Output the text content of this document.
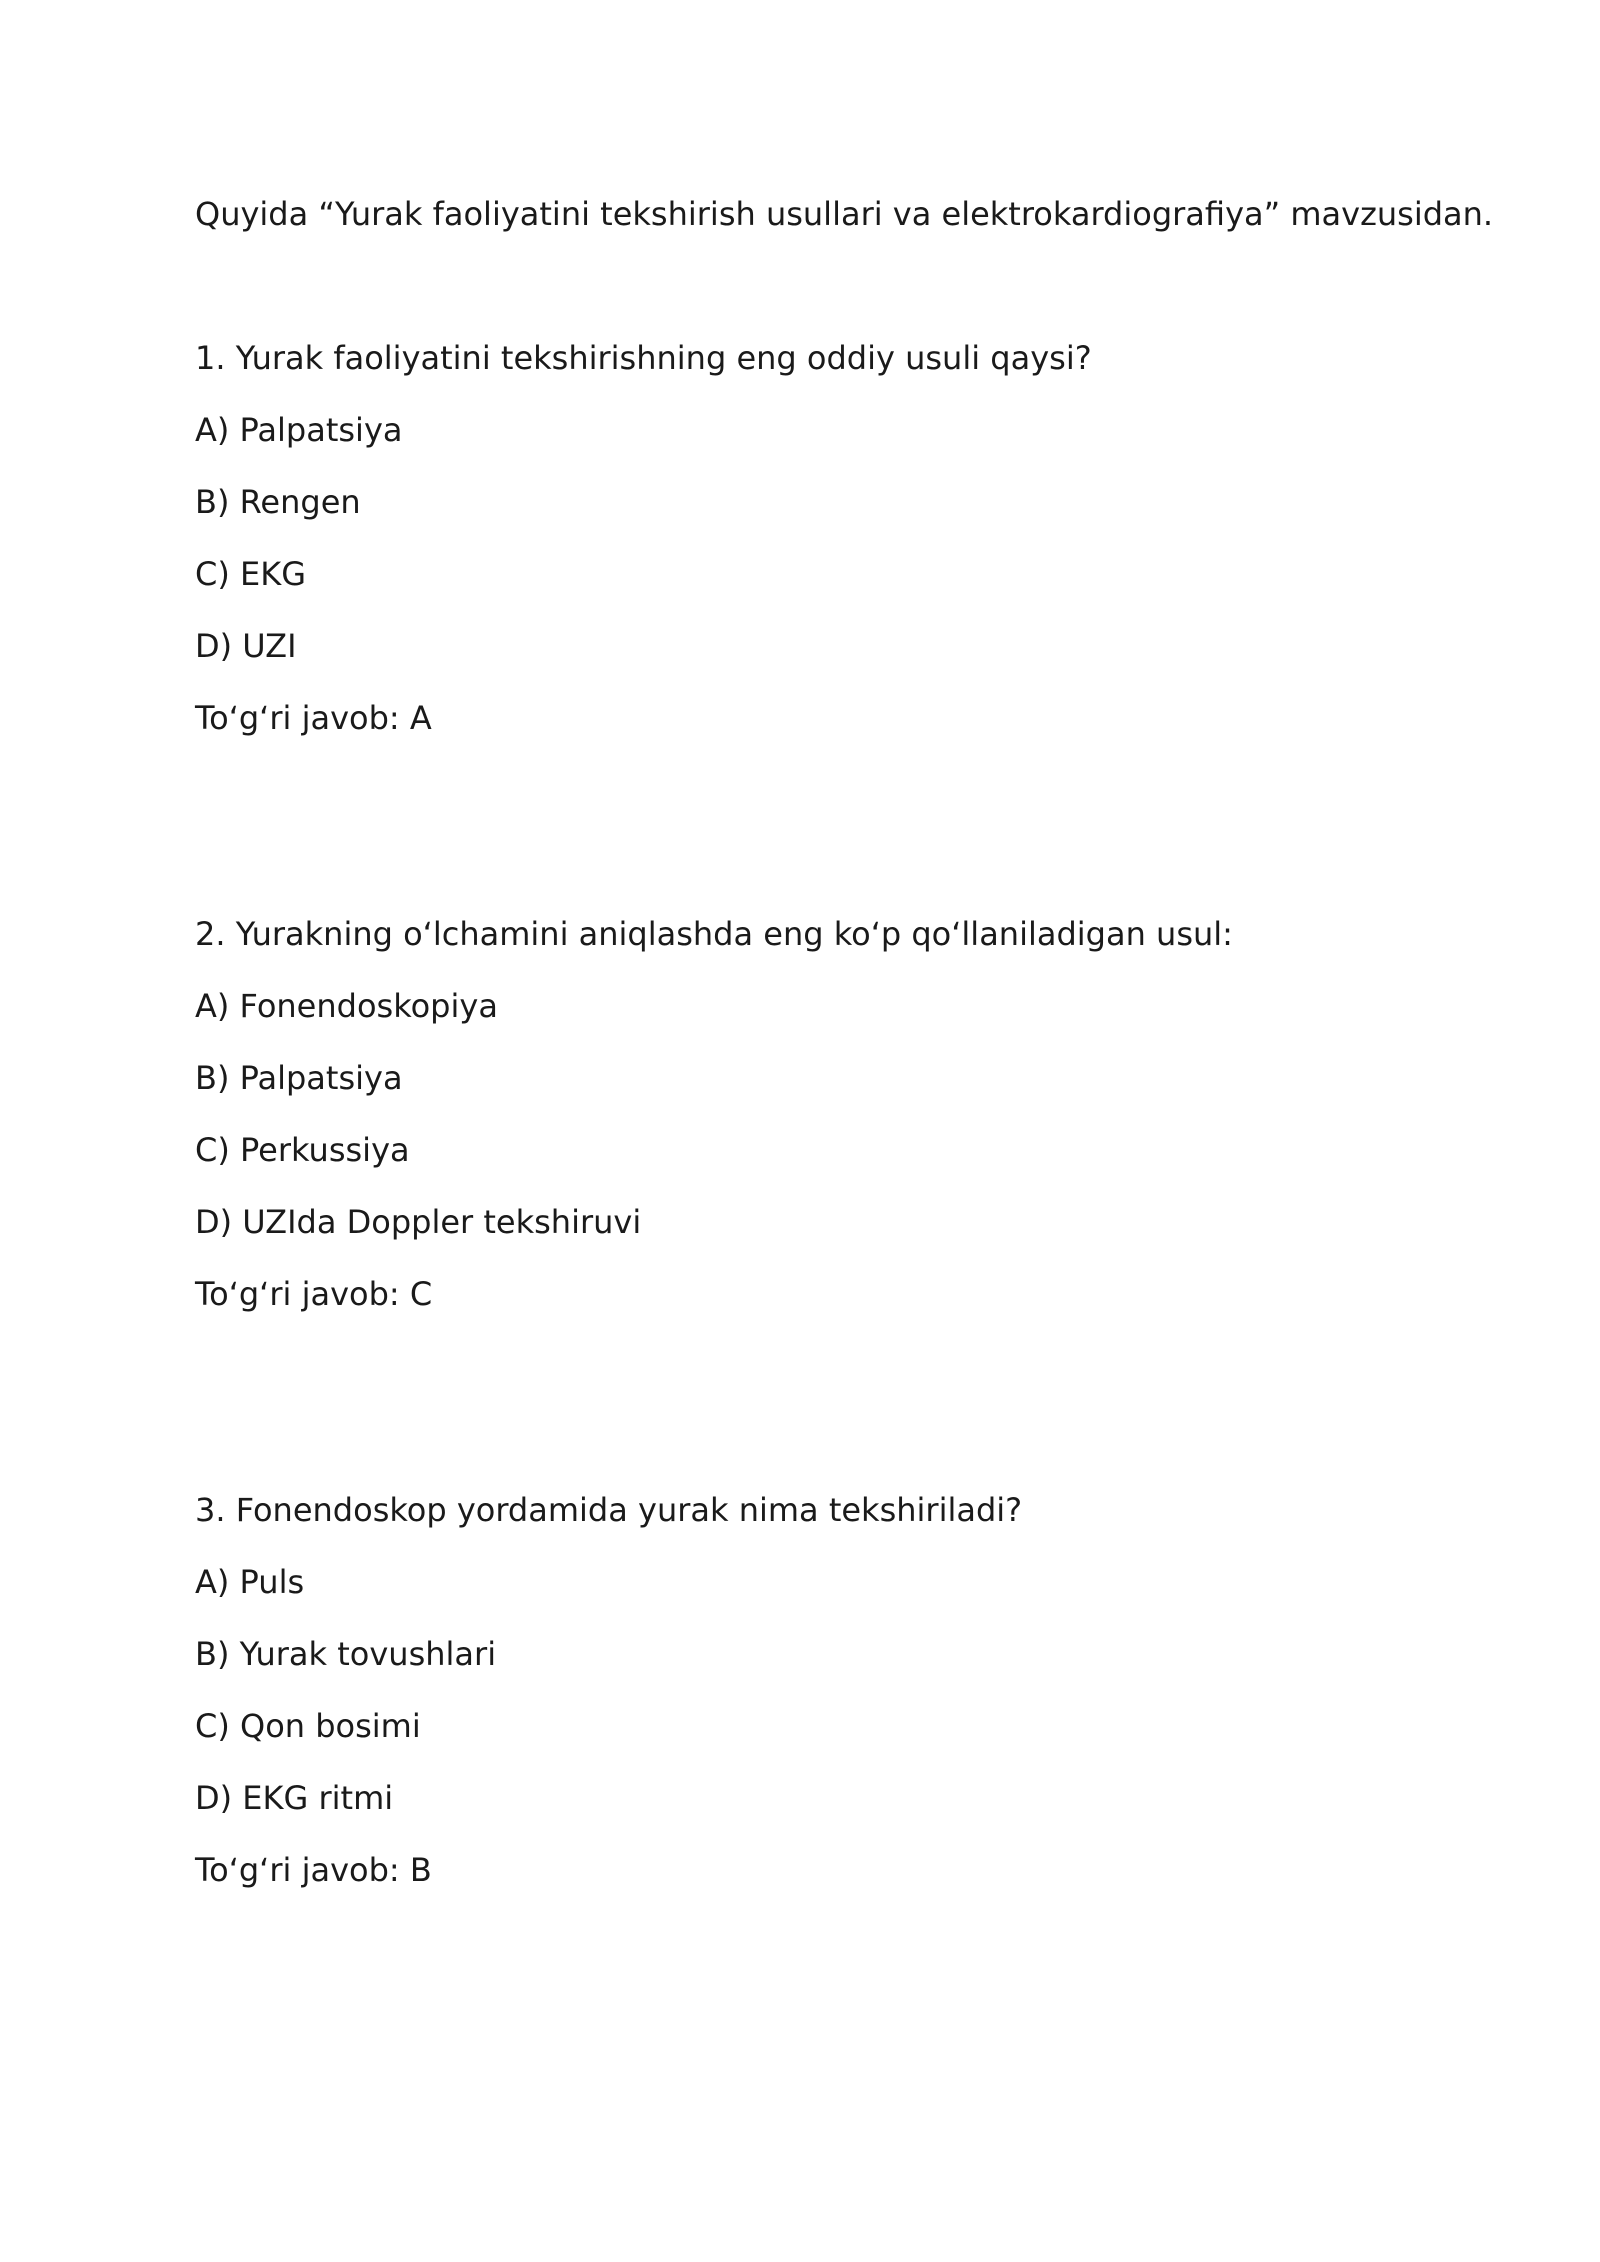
Quyida “Yurak faoliyatini tekshirish usullari va elektrokardiografiya” mavzusidan.

1. Yurak faoliyatini tekshirishning eng oddiy usuli qaysi?

A) Palpatsiya

B) Rengen

C) EKG

D) UZI

To‘g‘ri javob: A

2. Yurakning o‘lchamini aniqlashda eng ko‘p qo‘llaniladigan usul:

A) Fonendoskopiya

B) Palpatsiya

C) Perkussiya

D) UZIda Doppler tekshiruvi

To‘g‘ri javob: C

3. Fonendoskop yordamida yurak nima tekshiriladi?

A) Puls

B) Yurak tovushlari

C) Qon bosimi

D) EKG ritmi

To‘g‘ri javob: B
